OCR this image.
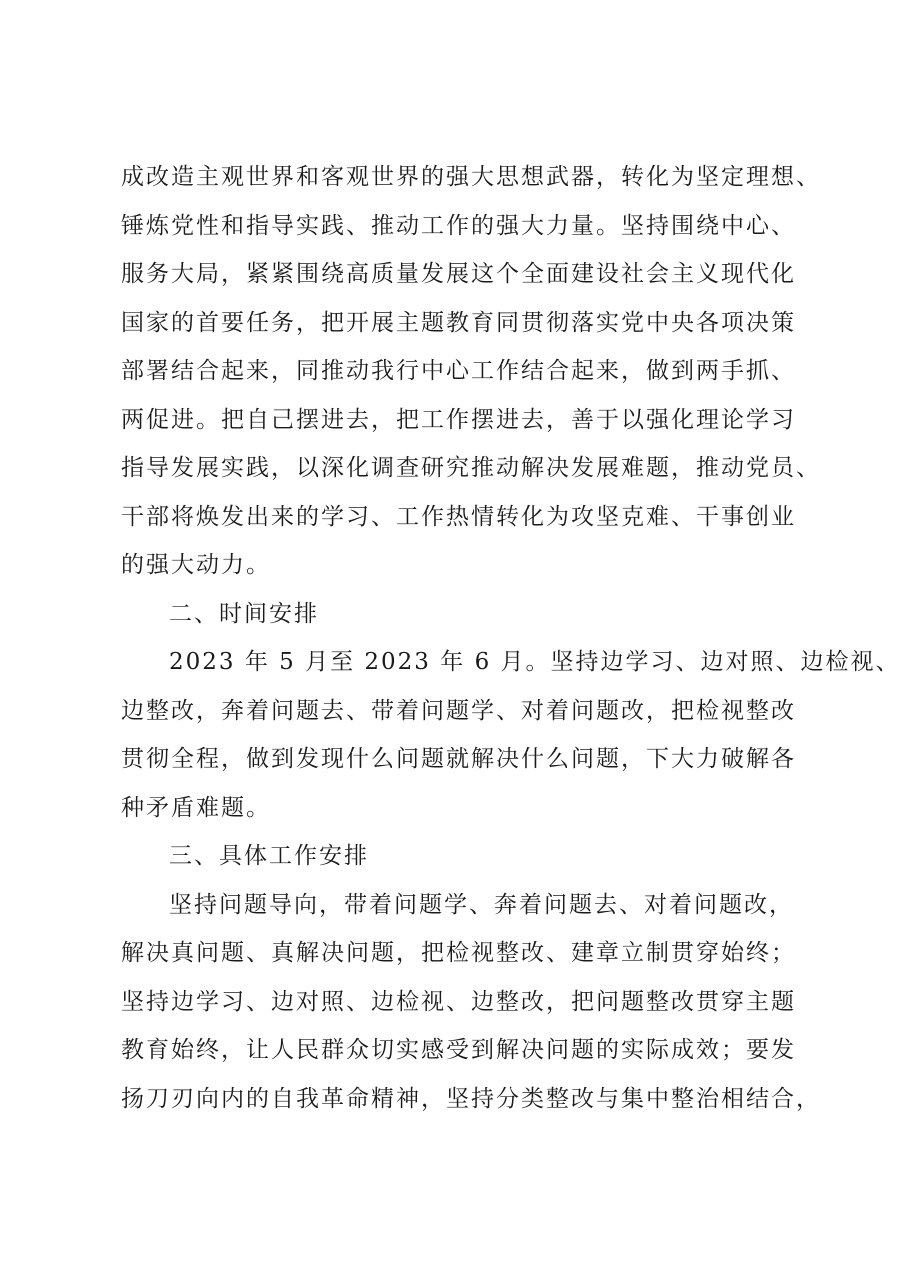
成改造主观世界和客观世界的强大思想武器，转化为坚定理想、
锤炼党性和指导实践、推动工作的强大力量。坚持围绕中心、
服务大局，紧紧围绕高质量发展这个全面建设社会主义现代化
国家的首要任务，把开展主题教育同贯彻落实党中央各项决策
部署结合起来，同推动我行中心工作结合起来，做到两手抓、
两促进。把自己摆进去，把工作摆进去，善于以强化理论学习
指导发展实践，以深化调查研究推动解决发展难题，推动党员、
干部将焕发出来的学习、工作热情转化为攻坚克难、干事创业
的强大动力。
二、时间安排
2023 年 5 月至 2023 年 6 月。坚持边学习、边对照、边检视、
边整改，奔着问题去、带着问题学、对着问题改，把检视整改
贯彻全程，做到发现什么问题就解决什么问题，下大力破解各
种矛盾难题。
三、具体工作安排
坚持问题导向，带着问题学、奔着问题去、对着问题改，
解决真问题、真解决问题，把检视整改、建章立制贯穿始终；
坚持边学习、边对照、边检视、边整改，把问题整改贯穿主题
教育始终，让人民群众切实感受到解决问题的实际成效；要发
扬刀刃向内的自我革命精神，坚持分类整改与集中整治相结合，
